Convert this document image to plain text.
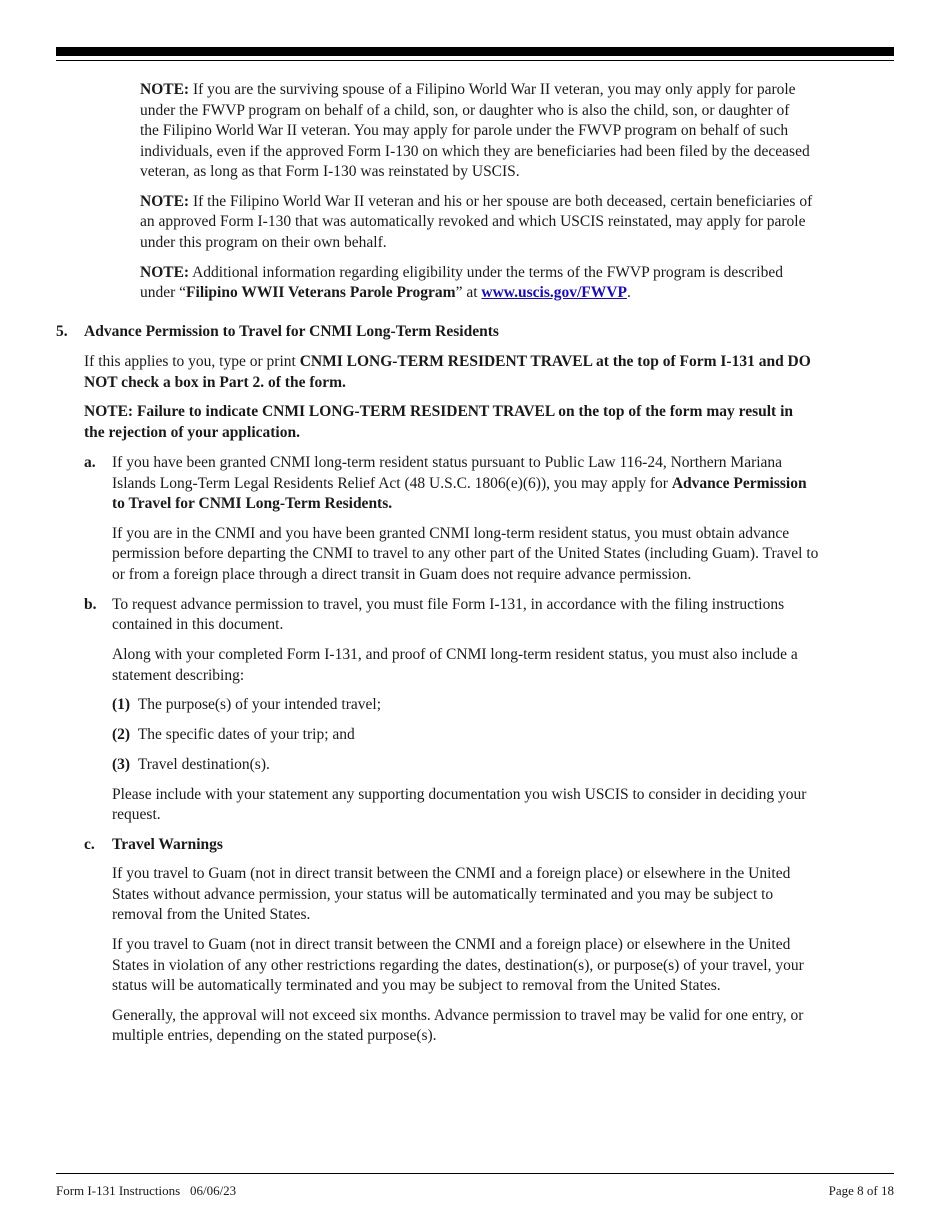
NOTE: If you are the surviving spouse of a Filipino World War II veteran, you may only apply for parole

under the FWVP program on behalf of a child, son, or daughter who is also the child, son, or daughter of

the Filipino World War II veteran. You may apply for parole under the FWVP program on behalf of such

individuals, even if the approved Form I-130 on which they are beneficiaries had been filed by the deceased

veteran, as long as that Form I-130 was reinstated by USCIS.

NOTE: If the Filipino World War II veteran and his or her spouse are both deceased, certain beneficiaries of

an approved Form I-130 that was automatically revoked and which USCIS reinstated, may apply for parole

under this program on their own behalf.

NOTE: Additional information regarding eligibility under the terms of the FWVP program is described

under “Filipino WWII Veterans Parole Program” at www.uscis.gov/FWVP.

5. Advance Permission to Travel for CNMI Long-Term Residents

If this applies to you, type or print CNMI LONG-TERM RESIDENT TRAVEL at the top of Form I-131 and DO

NOT check a box in Part 2. of the form.

NOTE: Failure to indicate CNMI LONG-TERM RESIDENT TRAVEL on the top of the form may result in

the rejection of your application.

a. If you have been granted CNMI long-term resident status pursuant to Public Law 116-24, Northern Mariana

Islands Long-Term Legal Residents Relief Act (48 U.S.C. 1806(e)(6)), you may apply for Advance Permission

to Travel for CNMI Long-Term Residents.

If you are in the CNMI and you have been granted CNMI long-term resident status, you must obtain advance

permission before departing the CNMI to travel to any other part of the United States (including Guam). Travel to

or from a foreign place through a direct transit in Guam does not require advance permission.

b. To request advance permission to travel, you must file Form I-131, in accordance with the filing instructions

contained in this document.

Along with your completed Form I-131, and proof of CNMI long-term resident status, you must also include a

statement describing:

(1) The purpose(s) of your intended travel;

(2) The specific dates of your trip; and

(3) Travel destination(s).

Please include with your statement any supporting documentation you wish USCIS to consider in deciding your

request.

c. Travel Warnings

If you travel to Guam (not in direct transit between the CNMI and a foreign place) or elsewhere in the United

States without advance permission, your status will be automatically terminated and you may be subject to

removal from the United States.

If you travel to Guam (not in direct transit between the CNMI and a foreign place) or elsewhere in the United

States in violation of any other restrictions regarding the dates, destination(s), or purpose(s) of your travel, your

status will be automatically terminated and you may be subject to removal from the United States.

Generally, the approval will not exceed six months. Advance permission to travel may be valid for one entry, or

multiple entries, depending on the stated purpose(s).

Form I-131 Instructions   06/06/23	Page 8 of 18
